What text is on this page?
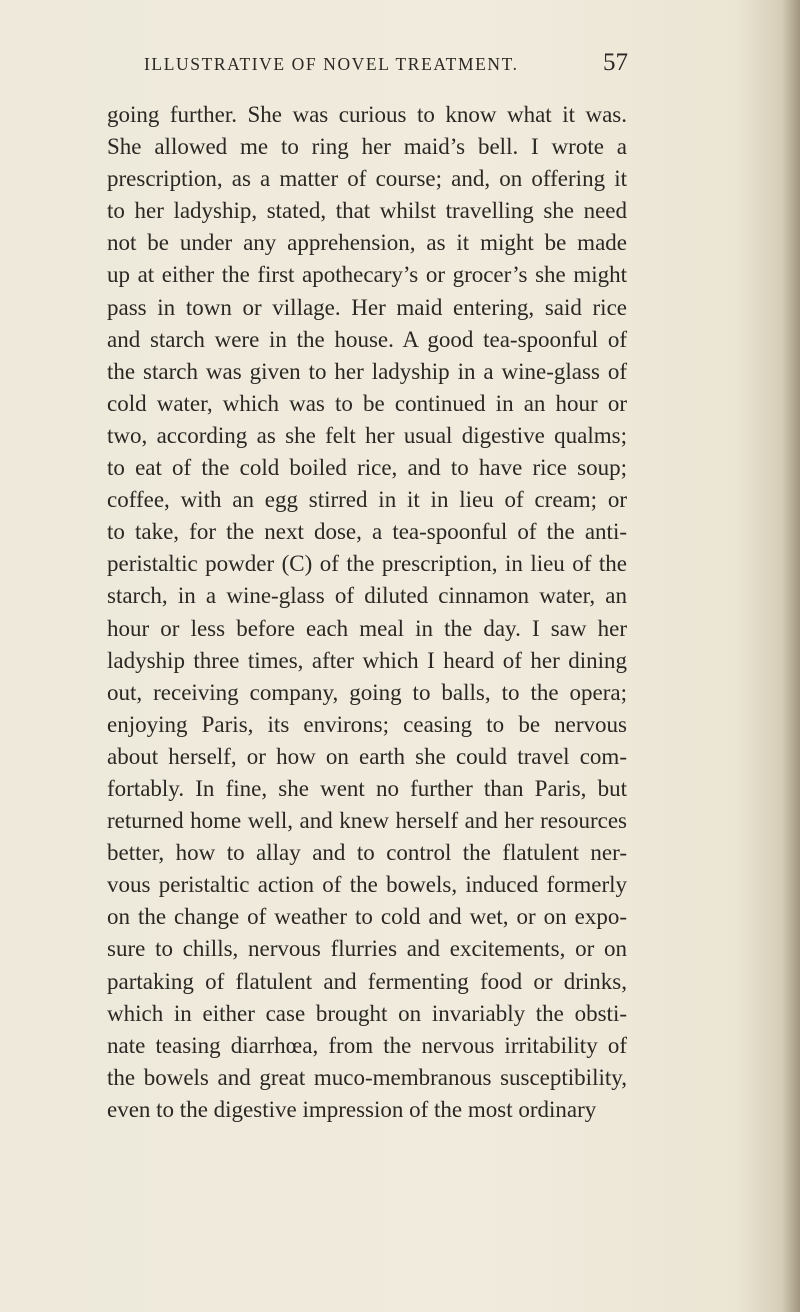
ILLUSTRATIVE OF NOVEL TREATMENT.	57
going further. She was curious to know what it was.
She allowed me to ring her maid’s bell. I wrote a
prescription, as a matter of course; and, on offering it
to her ladyship, stated, that whilst travelling she need
not be under any apprehension, as it might be made
up at either the first apothecary’s or grocer’s she might
pass in town or village. Her maid entering, said rice
and starch were in the house. A good tea-spoonful of
the starch was given to her ladyship in a wine-glass of
cold water, which was to be continued in an hour or
two, according as she felt her usual digestive qualms;
to eat of the cold boiled rice, and to have rice soup;
coffee, with an egg stirred in it in lieu of cream; or
to take, for the next dose, a tea-spoonful of the anti-
peristaltic powder (C) of the prescription, in lieu of the
starch, in a wine-glass of diluted cinnamon water, an
hour or less before each meal in the day. I saw her
ladyship three times, after which I heard of her dining
out, receiving company, going to balls, to the opera;
enjoying Paris, its environs; ceasing to be nervous
about herself, or how on earth she could travel com-
fortably. In fine, she went no further than Paris, but
returned home well, and knew herself and her resources
better, how to allay and to control the flatulent ner-
vous peristaltic action of the bowels, induced formerly
on the change of weather to cold and wet, or on expo-
sure to chills, nervous flurries and excitements, or on
partaking of flatulent and fermenting food or drinks,
which in either case brought on invariably the obsti-
nate teasing diarrhœa, from the nervous irritability of
the bowels and great muco-membranous susceptibility,
even to the digestive impression of the most ordinary
